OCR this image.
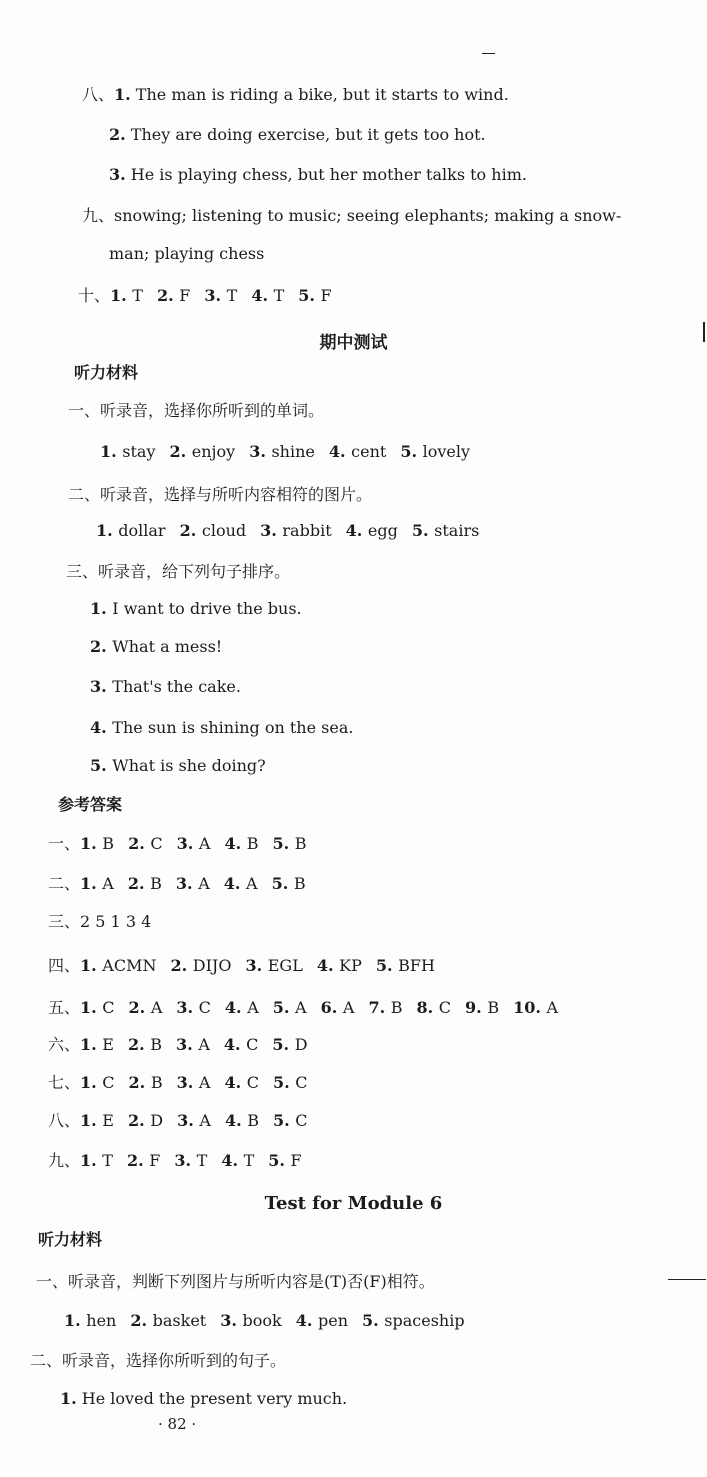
八、1. The man is riding a bike, but it starts to wind.
2. They are doing exercise, but it gets too hot.
3. He is playing chess, but her mother talks to him.
九、snowing; listening to music; seeing elephants; making a snow-
man; playing chess
十、1. T 2. F 3. T 4. T 5. F
期中测试
听力材料
一、听录音，选择你所听到的单词。
1. stay 2. enjoy 3. shine 4. cent 5. lovely
二、听录音，选择与所听内容相符的图片。
1. dollar 2. cloud 3. rabbit 4. egg 5. stairs
三、听录音，给下列句子排序。
1. I want to drive the bus.
2. What a mess!
3. That's the cake.
4. The sun is shining on the sea.
5. What is she doing?
参考答案
一、1. B 2. C 3. A 4. B 5. B
二、1. A 2. B 3. A 4. A 5. B
三、2 5 1 3 4
四、1. ACMN 2. DIJO 3. EGL 4. KP 5. BFH
五、1. C 2. A 3. C 4. A 5. A 6. A 7. B 8. C 9. B 10. A
六、1. E 2. B 3. A 4. C 5. D
七、1. C 2. B 3. A 4. C 5. C
八、1. E 2. D 3. A 4. B 5. C
九、1. T 2. F 3. T 4. T 5. F
Test for Module 6
听力材料
一、听录音，判断下列图片与所听内容是(T)否(F)相符。
1. hen 2. basket 3. book 4. pen 5. spaceship
二、听录音，选择你所听到的句子。
1. He loved the present very much.
· 82 ·
